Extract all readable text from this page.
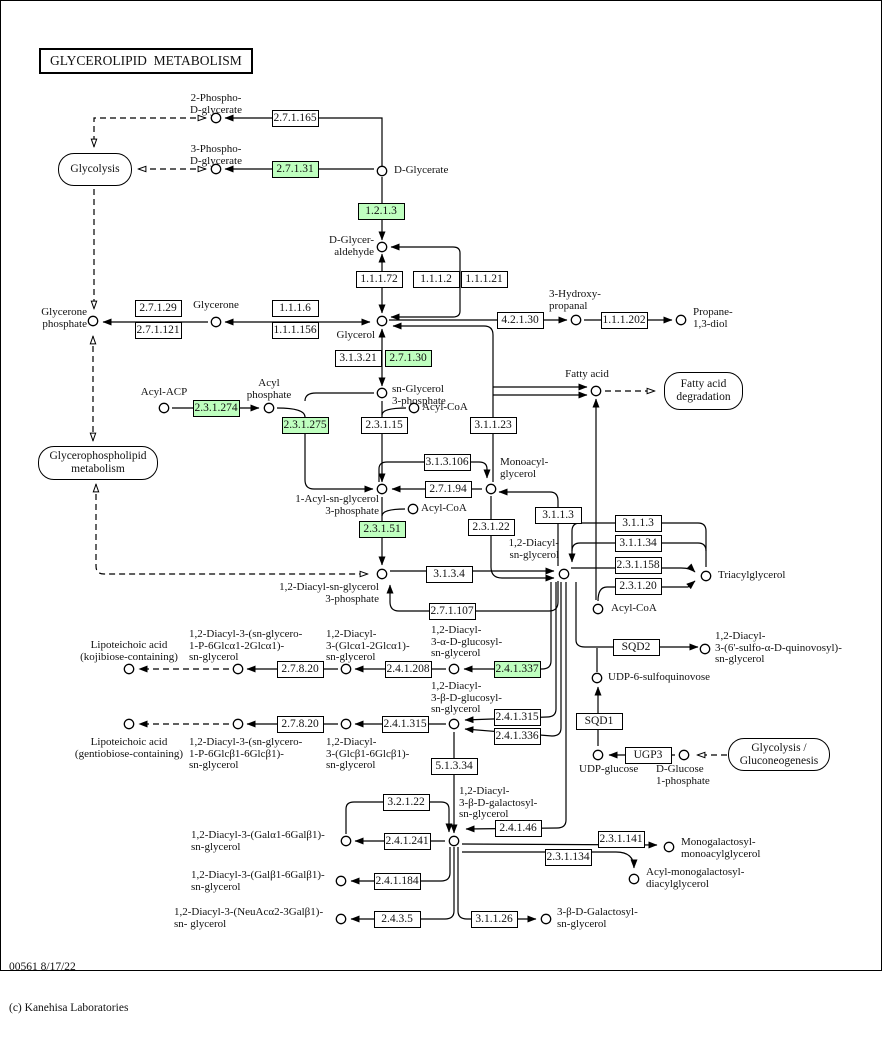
GLYCEROLIPID  METABOLISM

00561 8/17/22

(c) Kanehisa Laboratories

2.7.1.165
2.7.1.31
1.2.1.3
1.1.1.72	1.1.1.2	1.1.1.21
2.7.1.29
2.7.1.121
1.1.1.6
1.1.1.156
4.2.1.30	1.1.1.202
3.1.3.21	2.7.1.30
2.3.1.274
2.3.1.275	2.3.1.15	3.1.1.23
3.1.3.106
2.7.1.94
2.3.1.51	2.3.1.22
3.1.1.3
3.1.1.3
3.1.1.34
2.3.1.158
2.3.1.20
3.1.3.4
2.7.1.107
2.7.8.20	2.4.1.208	2.4.1.337
SQD2
2.4.1.315
2.4.1.336
SQD1
2.7.8.20	2.4.1.315
5.1.3.34
UGP3
3.2.1.22
2.4.1.46
2.4.1.241	2.3.1.141
2.3.1.134
2.4.1.184
2.4.3.5	3.1.1.26
2-Phospho-
D-glycerate
3-Phospho-
D-glycerate
D-Glycerate
D-Glycer-
aldehyde
Glycerone
phosphate
Glycerone
Glycerol
3-Hydroxy-
propanal
Propane-
1,3-diol
Acyl-ACP
Acyl
phosphate	sn-Glycerol
3-phosphate
Acyl-CoA
Fatty acid
Monoacyl-
glycerol
1-Acyl-sn-glycerol
3-phosphate	Acyl-CoA
1,2-Diacyl-
sn-glycerol
1,2-Diacyl-sn-glycerol
3-phosphate
Triacylglycerol
Acyl-CoA
Lipoteichoic acid
(kojibiose-containing)
1,2-Diacyl-3-(sn-glycero-
1-P-6Glcα1-2Glcα1)-
sn-glycerol
1,2-Diacyl-
3-(Glcα1-2Glcα1)-
sn-glycerol
1,2-Diacyl-
3-α-D-glucosyl-
sn-glycerol
1,2-Diacyl-
3-(6'-sulfo-α-D-quinovosyl)-
sn-glycerol
UDP-6-sulfoquinovose
Lipoteichoic acid
(gentiobiose-containing)
1,2-Diacyl-3-(sn-glycero-
1-P-6Glcβ1-6Glcβ1)-
sn-glycerol
1,2-Diacyl-
3-(Glcβ1-6Glcβ1)-
sn-glycerol
1,2-Diacyl-
3-β-D-glucosyl-
sn-glycerol
UDP-glucose D-Glucose
1-phosphate
1,2-Diacyl-3-(Galα1-6Galβ1)-
sn-glycerol
1,2-Diacyl-
3-β-D-galactosyl-
sn-glycerol
Monogalactosyl-
monoacylglycerol
Acyl-monogalactosyl-
diacylglycerol
1,2-Diacyl-3-(Galβ1-6Galβ1)-
sn-glycerol
1,2-Diacyl-3-(NeuAcα2-3Galβ1)-
sn- glycerol
3-β-D-Galactosyl-
sn-glycerol
Glycolysis
Fatty acid
degradation
Glycerophospholipid
metabolism
Glycolysis /
Gluconeogenesis
